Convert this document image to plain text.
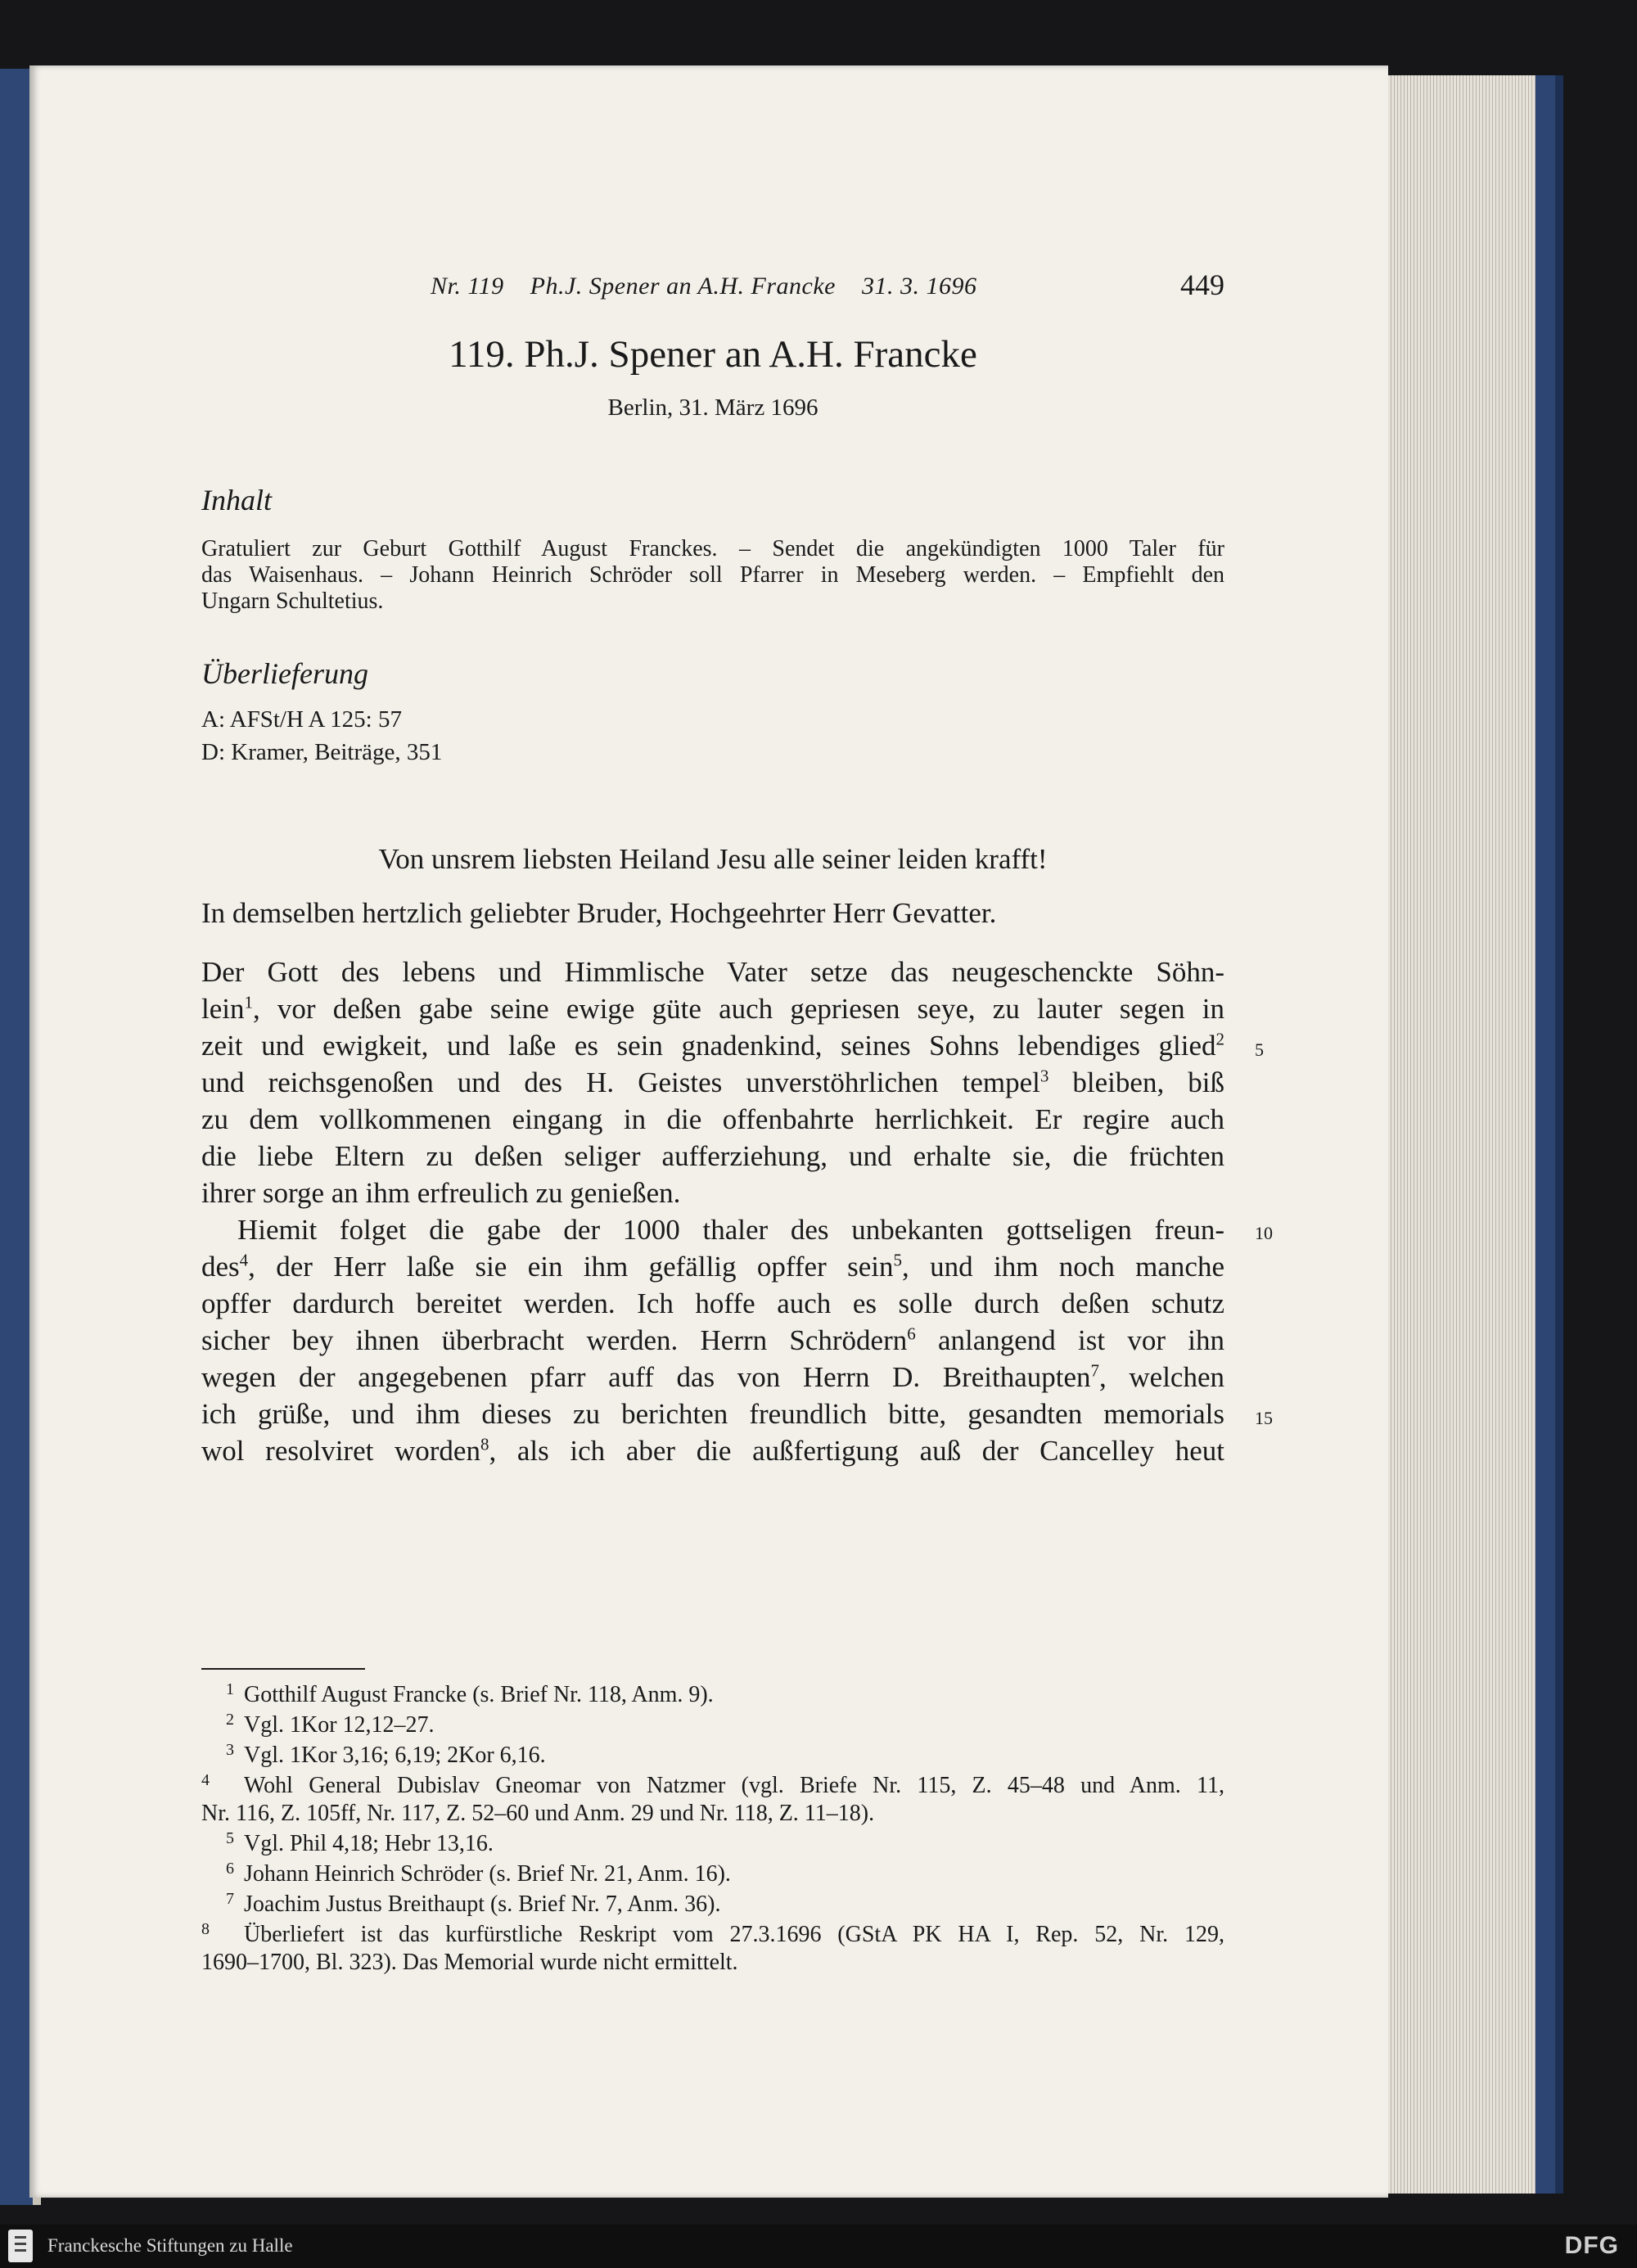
Nr. 119    Ph.J. Spener an A.H. Francke    31. 3. 1696	449
119. Ph.J. Spener an A.H. Francke
Berlin, 31. März 1696
Inhalt
Gratuliert zur Geburt Gotthilf August Franckes. – Sendet die angekündigten 1000 Taler für
das Waisenhaus. – Johann Heinrich Schröder soll Pfarrer in Meseberg werden. – Empfiehlt den
Ungarn Schultetius.
Überlieferung
A: AFSt/H A 125: 57
D: Kramer, Beiträge, 351
Von unsrem liebsten Heiland Jesu alle seiner leiden krafft!
In demselben hertzlich geliebter Bruder, Hochgeehrter Herr Gevatter.
Der Gott des lebens und Himmlische Vater setze das neugeschenckte Söhn-
lein$^1$, vor deßen gabe seine ewige güte auch gepriesen seye, zu lauter segen in
zeit und ewigkeit, und laße es sein gnadenkind, seines Sohns lebendiges glied$^2$
und reichsgenoßen und des H. Geistes unverstöhrlichen tempel$^3$ bleiben, biß
zu dem vollkommenen eingang in die offenbahrte herrlichkeit. Er regire auch
die liebe Eltern zu deßen seliger aufferziehung, und erhalte sie, die früchten
ihrer sorge an ihm erfreulich zu genießen.
Hiemit folget die gabe der 1000 thaler des unbekanten gottseligen freun-
des$^4$, der Herr laße sie ein ihm gefällig opffer sein$^5$, und ihm noch manche
opffer dardurch bereitet werden. Ich hoffe auch es solle durch deßen schutz
sicher bey ihnen überbracht werden. Herrn Schrödern$^6$ anlangend ist vor ihn
wegen der angegebenen pfarr auff das von Herrn D. Breithaupten$^7$, welchen
ich grüße, und ihm dieses zu berichten freundlich bitte, gesandten memorials
wol resolviret worden$^8$, als ich aber die außfertigung auß der Cancelley heut
5
10
15
1 Gotthilf August Francke (s. Brief Nr. 118, Anm. 9).
2 Vgl. 1Kor 12,12–27.
3 Vgl. 1Kor 3,16; 6,19; 2Kor 6,16.
4 Wohl General Dubislav Gneomar von Natzmer (vgl. Briefe Nr. 115, Z. 45–48 und Anm. 11,
Nr. 116, Z. 105ff, Nr. 117, Z. 52–60 und Anm. 29 und Nr. 118, Z. 11–18).
5 Vgl. Phil 4,18; Hebr 13,16.
6 Johann Heinrich Schröder (s. Brief Nr. 21, Anm. 16).
7 Joachim Justus Breithaupt (s. Brief Nr. 7, Anm. 36).
8 Überliefert ist das kurfürstliche Reskript vom 27.3.1696 (GStA PK HA I, Rep. 52, Nr. 129,
1690–1700, Bl. 323). Das Memorial wurde nicht ermittelt.
Franckesche Stiftungen zu Halle	DFG
